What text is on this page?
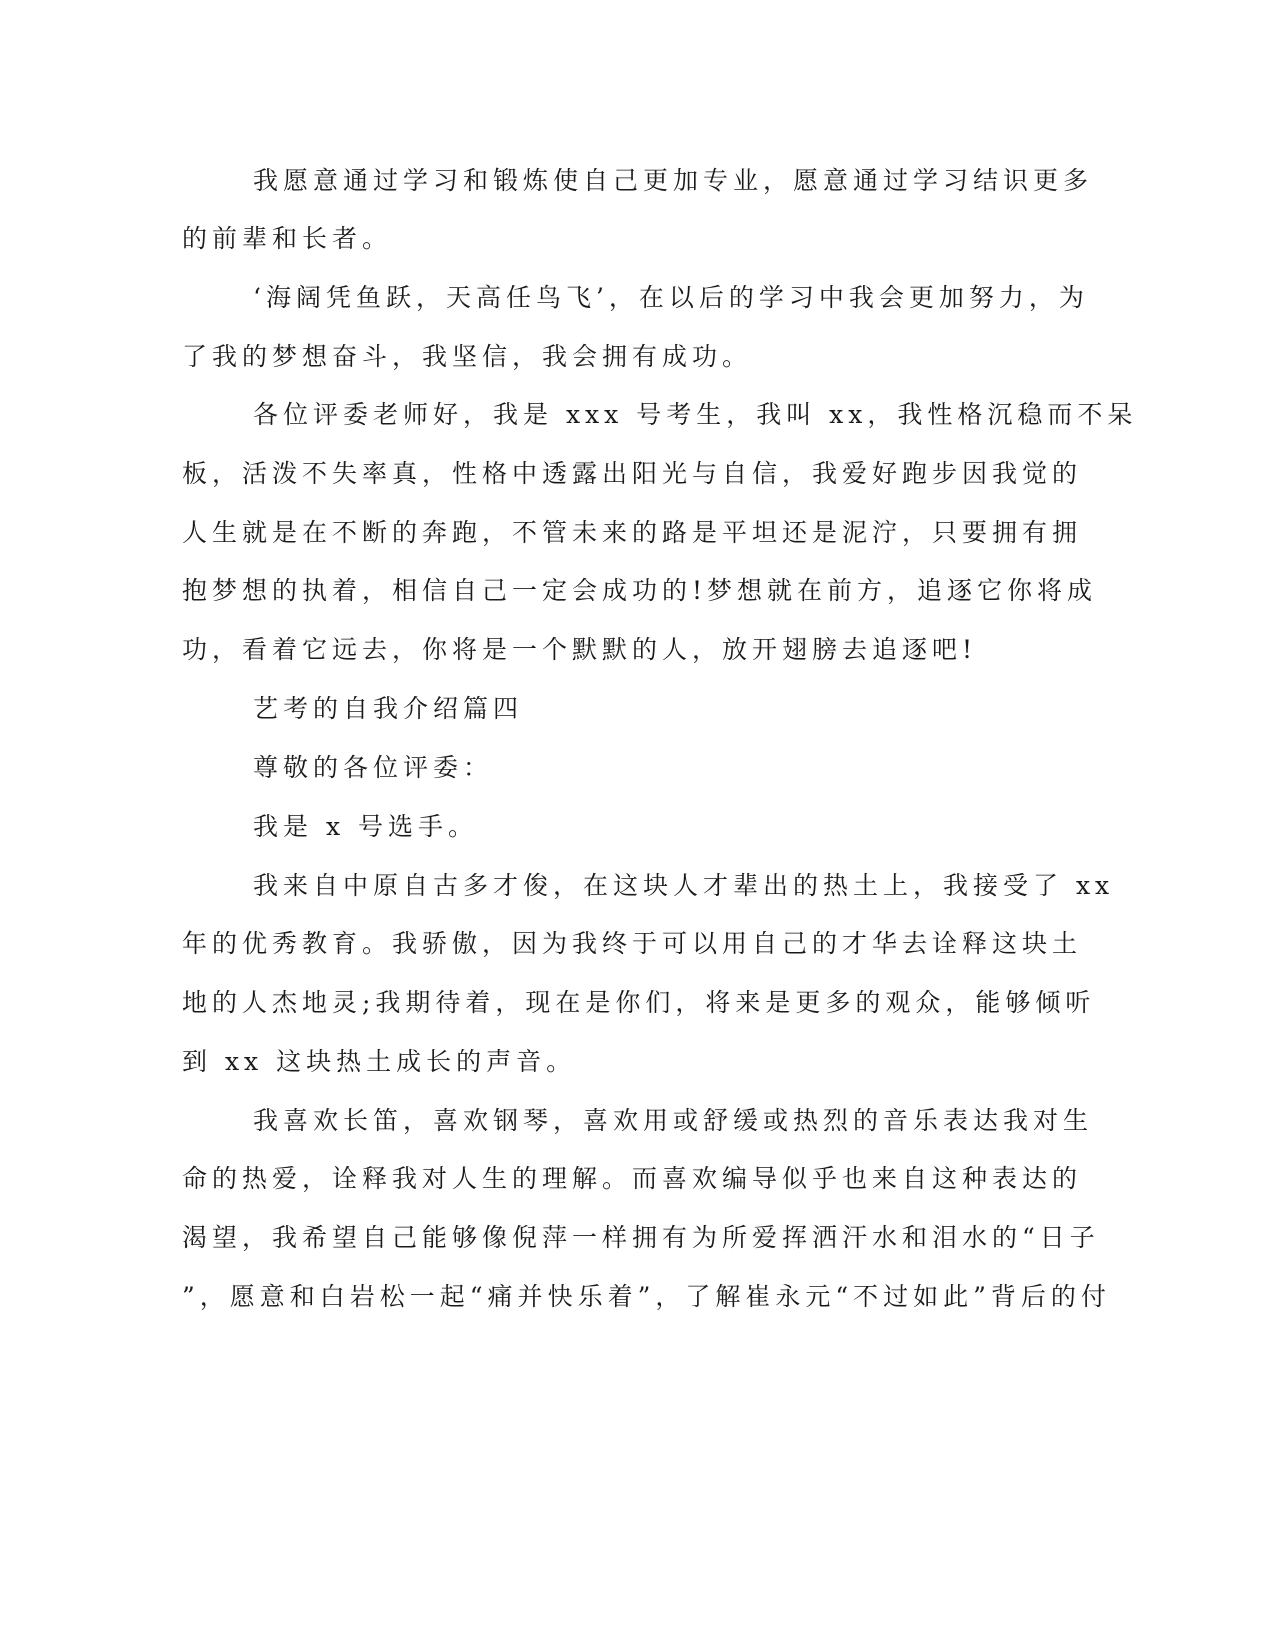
我愿意通过学习和锻炼使自己更加专业，愿意通过学习结识更多
的前辈和长者。
‘海阔凭鱼跃，天高任鸟飞’，在以后的学习中我会更加努力，为
了我的梦想奋斗，我坚信，我会拥有成功。
各位评委老师好，我是 xxx 号考生，我叫 xx，我性格沉稳而不呆
板，活泼不失率真，性格中透露出阳光与自信，我爱好跑步因我觉的
人生就是在不断的奔跑，不管未来的路是平坦还是泥泞，只要拥有拥
抱梦想的执着，相信自己一定会成功的!梦想就在前方，追逐它你将成
功，看着它远去，你将是一个默默的人，放开翅膀去追逐吧!
艺考的自我介绍篇四
尊敬的各位评委：
我是 x 号选手。
我来自中原自古多才俊，在这块人才辈出的热土上，我接受了 xx
年的优秀教育。我骄傲，因为我终于可以用自己的才华去诠释这块土
地的人杰地灵;我期待着，现在是你们，将来是更多的观众，能够倾听
到 xx 这块热土成长的声音。
我喜欢长笛，喜欢钢琴，喜欢用或舒缓或热烈的音乐表达我对生
命的热爱，诠释我对人生的理解。而喜欢编导似乎也来自这种表达的
渴望，我希望自己能够像倪萍一样拥有为所爱挥洒汗水和泪水的“日子
”，愿意和白岩松一起“痛并快乐着”，了解崔永元“不过如此”背后的付
